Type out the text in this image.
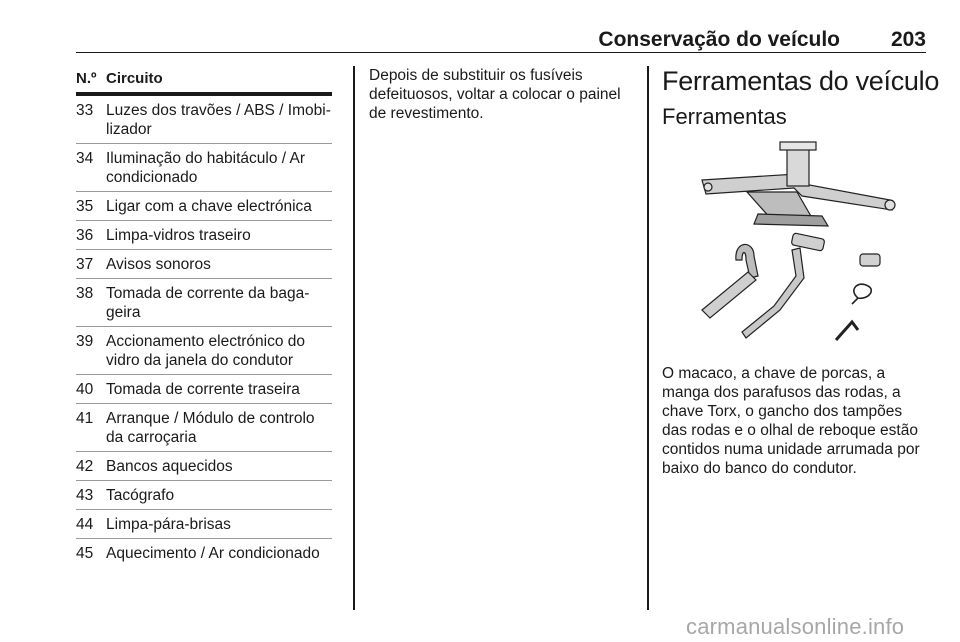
Conservação do veículo 203
N.º Circuito
33 Luzes dos travões / ABS / Imobi-
lizador
34 Iluminação do habitáculo / Ar
condicionado
35 Ligar com a chave electrónica
36 Limpa-vidros traseiro
37 Avisos sonoros
38 Tomada de corrente da baga-
geira
39 Accionamento electrónico do
vidro da janela do condutor
40 Tomada de corrente traseira
41 Arranque / Módulo de controlo
da carroçaria
42 Bancos aquecidos
43 Tacógrafo
44 Limpa-pára-brisas
45 Aquecimento / Ar condicionado
Depois de substituir os fusíveis
defeituosos, voltar a colocar o painel
de revestimento.
Ferramentas do veículo
Ferramentas
O macaco, a chave de porcas, a
manga dos parafusos das rodas, a
chave Torx, o gancho dos tampões
das rodas e o olhal de reboque estão
contidos numa unidade arrumada por
baixo do banco do condutor.
carmanualsonline.info
